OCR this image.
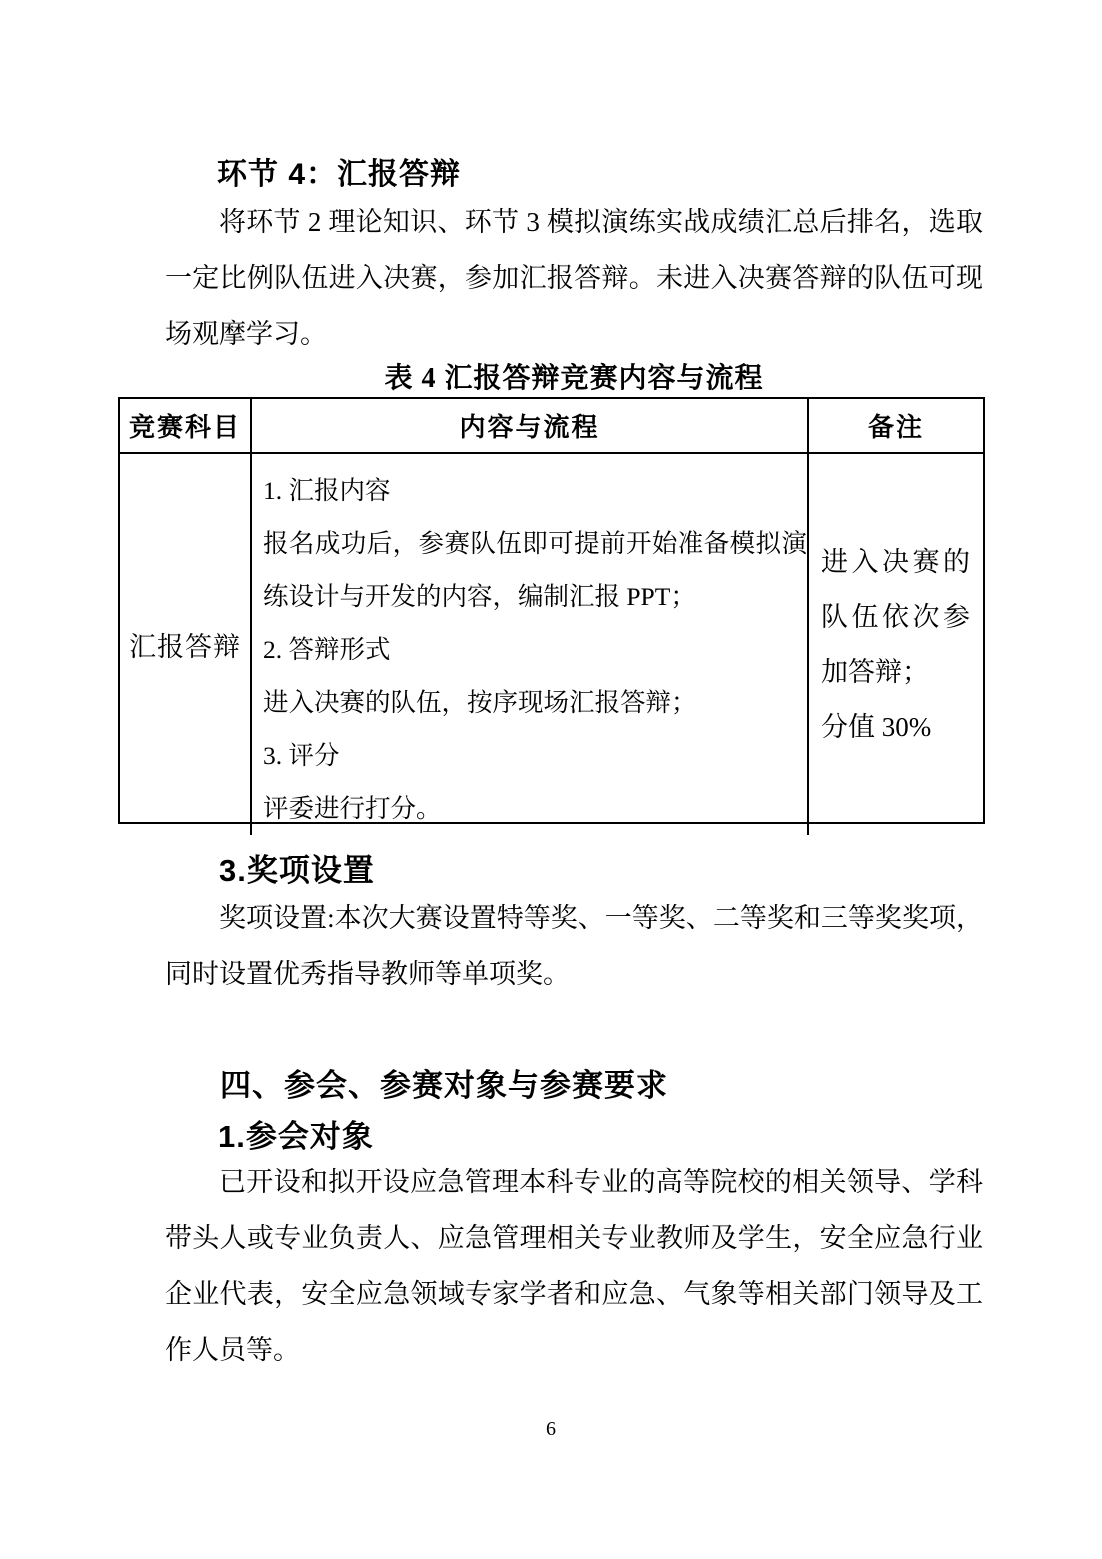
环节 4：汇报答辩
将环节 2 理论知识、环节 3 模拟演练实战成绩汇总后排名，选取
一定比例队伍进入决赛，参加汇报答辩。未进入决赛答辩的队伍可现
场观摩学习。
表 4 汇报答辩竞赛内容与流程
竞赛科目	内容与流程	备注
汇报答辩
1. 汇报内容
报名成功后，参赛队伍即可提前开始准备模拟演
练设计与开发的内容，编制汇报 PPT；
2. 答辩形式
进入决赛的队伍，按序现场汇报答辩；
3. 评分
评委进行打分。
进入决赛的
队伍依次参
加答辩；
分值 30%
3.奖项设置
奖项设置:本次大赛设置特等奖、一等奖、二等奖和三等奖奖项，
同时设置优秀指导教师等单项奖。
四、参会、参赛对象与参赛要求
1.参会对象
已开设和拟开设应急管理本科专业的高等院校的相关领导、学科
带头人或专业负责人、应急管理相关专业教师及学生，安全应急行业
企业代表，安全应急领域专家学者和应急、气象等相关部门领导及工
作人员等。
6
